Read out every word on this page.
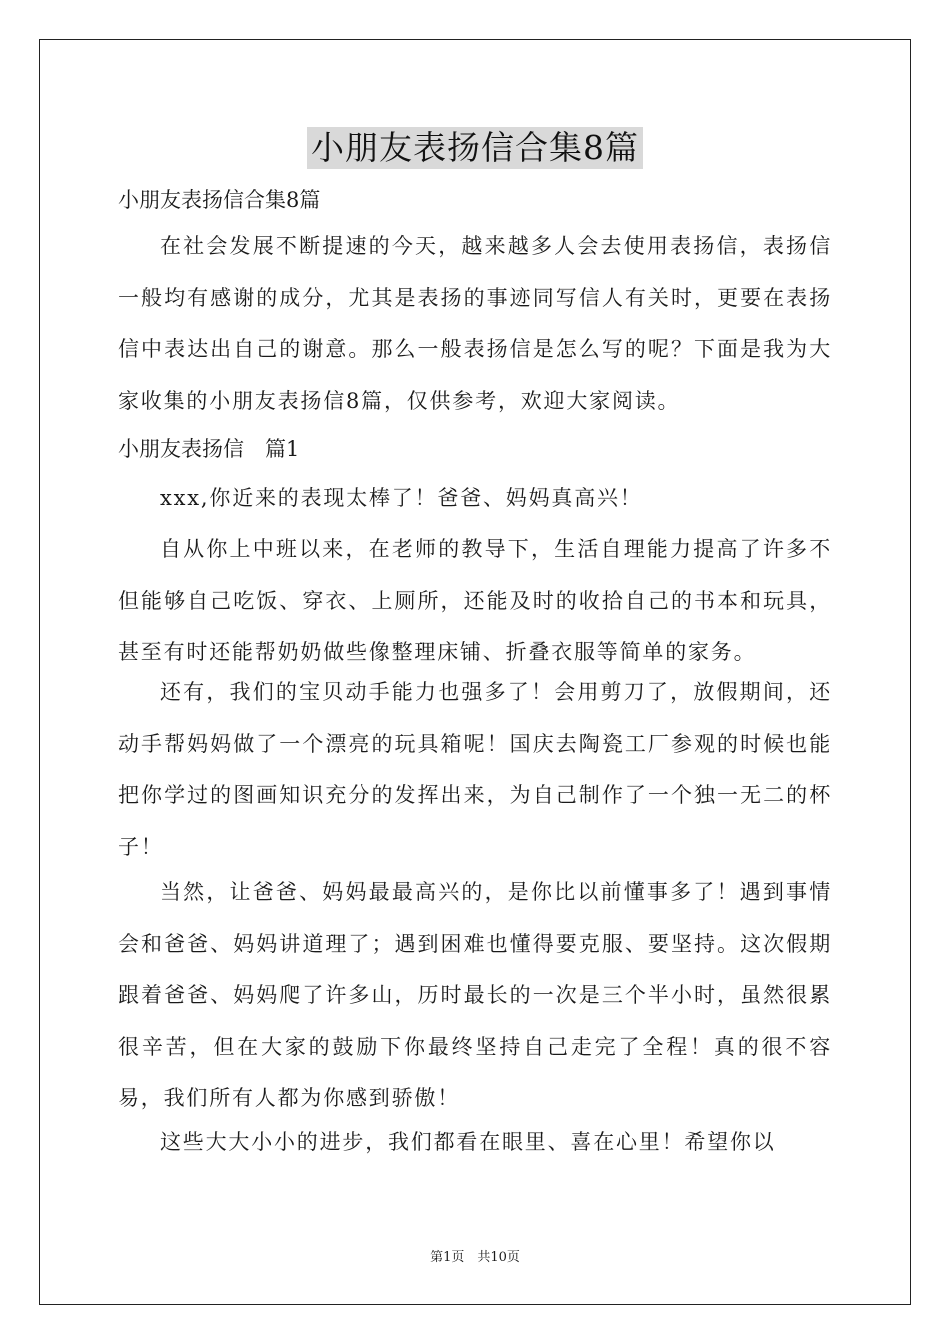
小朋友表扬信合集8篇
小朋友表扬信合集8篇

在社会发展不断提速的今天，越来越多人会去使用表扬信，表扬信一般均有感谢的成分，尤其是表扬的事迹同写信人有关时，更要在表扬信中表达出自己的谢意。那么一般表扬信是怎么写的呢？下面是我为大家收集的小朋友表扬信8篇，仅供参考，欢迎大家阅读。

小朋友表扬信　篇1

xxx,你近来的表现太棒了！爸爸、妈妈真高兴！

自从你上中班以来，在老师的教导下，生活自理能力提高了许多不但能够自己吃饭、穿衣、上厕所，还能及时的收拾自己的书本和玩具，甚至有时还能帮奶奶做些像整理床铺、折叠衣服等简单的家务。

还有，我们的宝贝动手能力也强多了！会用剪刀了，放假期间，还动手帮妈妈做了一个漂亮的玩具箱呢！国庆去陶瓷工厂参观的时候也能把你学过的图画知识充分的发挥出来，为自己制作了一个独一无二的杯子！

当然，让爸爸、妈妈最最高兴的，是你比以前懂事多了！遇到事情会和爸爸、妈妈讲道理了；遇到困难也懂得要克服、要坚持。这次假期跟着爸爸、妈妈爬了许多山，历时最长的一次是三个半小时，虽然很累很辛苦，但在大家的鼓励下你最终坚持自己走完了全程！真的很不容易，我们所有人都为你感到骄傲！

这些大大小小的进步，我们都看在眼里、喜在心里！希望你以

第1页　共10页
